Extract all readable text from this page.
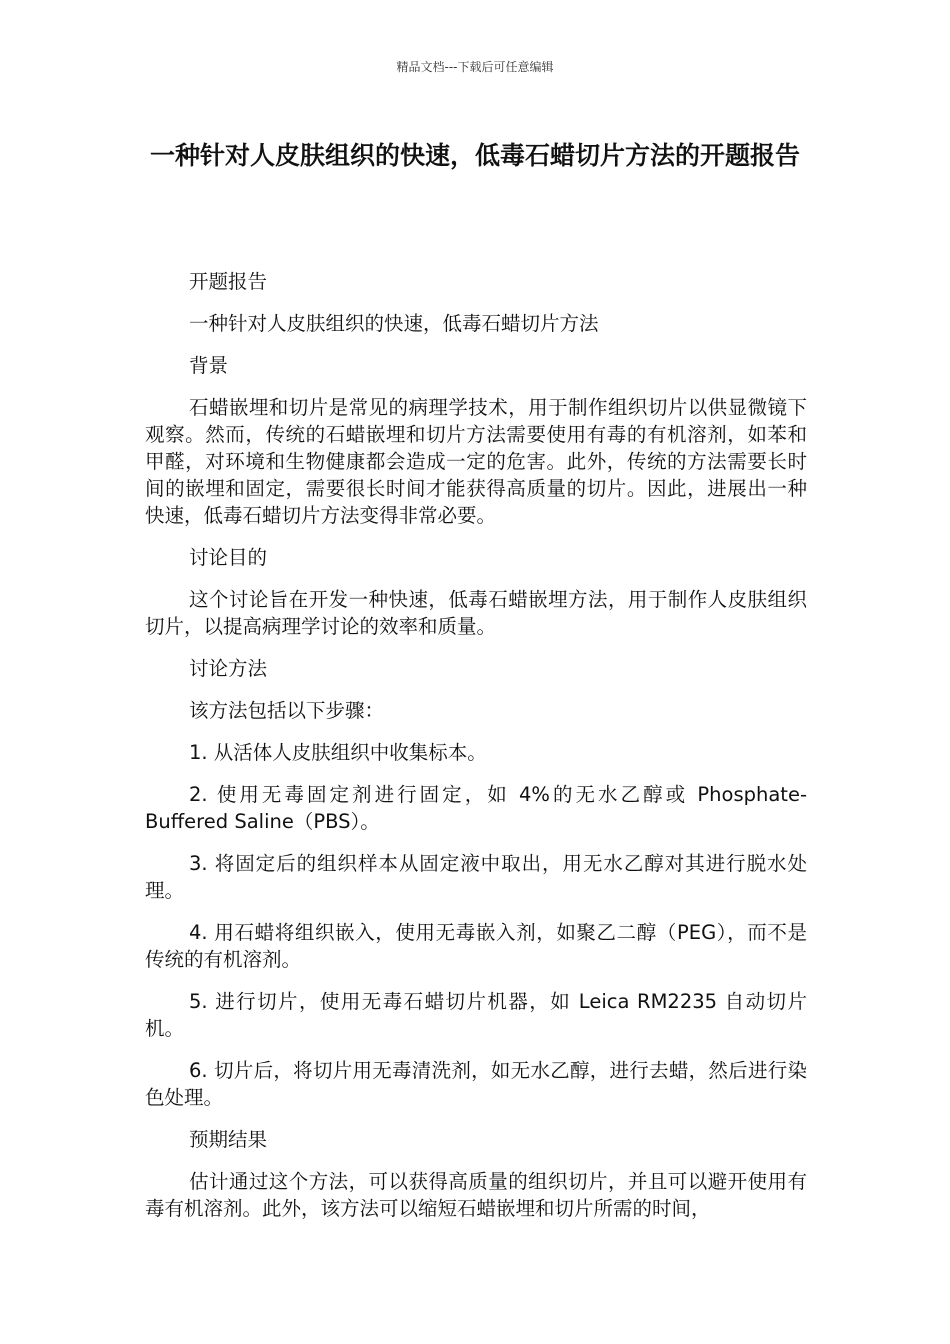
精品文档---下载后可任意编辑
一种针对人皮肤组织的快速，低毒石蜡切片方法的开题报告

开题报告

一种针对人皮肤组织的快速，低毒石蜡切片方法

背景

石蜡嵌埋和切片是常见的病理学技术，用于制作组织切片以供显微镜下观察。然而，传统的石蜡嵌埋和切片方法需要使用有毒的有机溶剂，如苯和甲醛，对环境和生物健康都会造成一定的危害。此外，传统的方法需要长时间的嵌埋和固定，需要很长时间才能获得高质量的切片。因此，进展出一种快速，低毒石蜡切片方法变得非常必要。

讨论目的

这个讨论旨在开发一种快速，低毒石蜡嵌埋方法，用于制作人皮肤组织切片，以提高病理学讨论的效率和质量。

讨论方法

该方法包括以下步骤：

1. 从活体人皮肤组织中收集标本。

2. 使用无毒固定剂进行固定，如 4%的无水乙醇或 Phosphate-Buffered Saline（PBS）。

3. 将固定后的组织样本从固定液中取出，用无水乙醇对其进行脱水处理。

4. 用石蜡将组织嵌入，使用无毒嵌入剂，如聚乙二醇（PEG），而不是传统的有机溶剂。

5. 进行切片，使用无毒石蜡切片机器，如 Leica RM2235 自动切片机。

6. 切片后，将切片用无毒清洗剂，如无水乙醇，进行去蜡，然后进行染色处理。

预期结果

估计通过这个方法，可以获得高质量的组织切片，并且可以避开使用有毒有机溶剂。此外，该方法可以缩短石蜡嵌埋和切片所需的时间，
